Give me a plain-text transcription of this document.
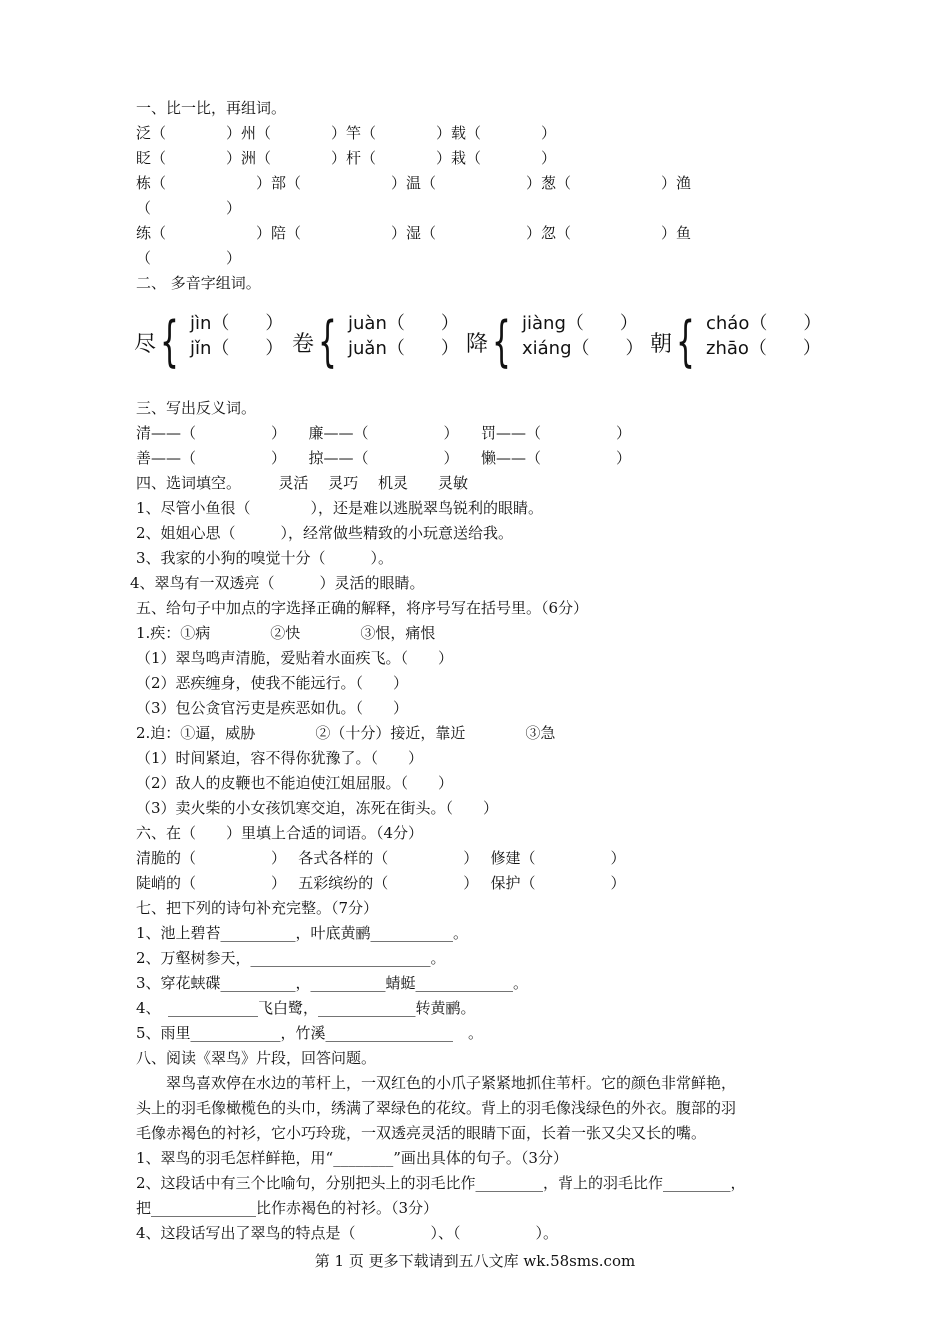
一、比一比，再组词。
泛（　　　　）州（　　　　）竿（　　　　）载（　　　　）
眨（　　　　）洲（　　　　）杆（　　　　）栽（　　　　）
栋（　　　　　　）部（　　　　　　）温（　　　　　　）葱（　　　　　　）渔
（　　　　　）
练（　　　　　　）陪（　　　　　　）湿（　　　　　　）忽（　　　　　　）鱼
（　　　　　）
二、 多音字组词。
尽 { jìn（　　）
jǐn（　　） 卷 { juàn（　　）
juǎn（　　） 降 { jiàng（　　）
xiáng（　　） 朝 { cháo（　　）
zhāo（　　）
三、写出反义词。
清——（　　　　　）　　廉——（　　　　　）　　罚——（　　　　　）
善——（　　　　　）　　掠——（　　　　　）　　懒——（　　　　　）
四、选词填空。　　　灵活　 灵巧　 机灵　　灵敏
1、尽管小鱼很（　　　　），还是难以逃脱翠鸟锐利的眼睛。
2、姐姐心思（　　　），经常做些精致的小玩意送给我。
3、我家的小狗的嗅觉十分（　　　）。
4、翠鸟有一双透亮（　　　）灵活的眼睛。
五、给句子中加点的字选择正确的解释，将序号写在括号里。（6分）
1.疾：①病　　　　②快　　　　③恨，痛恨
（1）翠鸟鸣声清脆，爱贴着水面疾飞。（　　）
（2）恶疾缠身，使我不能远行。（　　）
（3）包公贪官污吏是疾恶如仇。（　　）
2.迫：①逼，威胁　　　　②（十分）接近，靠近　　　　③急
（1）时间紧迫，容不得你犹豫了。（　　）
（2）敌人的皮鞭也不能迫使江姐屈服。（　　）
（3）卖火柴的小女孩饥寒交迫，冻死在街头。（　　）
六、在（　　）里填上合适的词语。（4分）
清脆的（　　　　　）　 各式各样的（　　　　　）　 修建（　　　　　）
陡峭的（　　　　　）　 五彩缤纷的（　　　　　）　 保护（　　　　　）
七、把下列的诗句补充完整。（7分）
1、池上碧苔__________，叶底黄鹂___________。
2、万壑树参天，________________________。
3、穿花蛱碟__________，__________蜻蜓_____________。
4、　____________飞白鹭，_____________转黄鹂。
5、雨里____________，竹溪_________________　。
八、阅读《翠鸟》片段，回答问题。
　　翠鸟喜欢停在水边的苇杆上，一双红色的小爪子紧紧地抓住苇杆。它的颜色非常鲜艳，
头上的羽毛像橄榄色的头巾，绣满了翠绿色的花纹。背上的羽毛像浅绿色的外衣。腹部的羽
毛像赤褐色的衬衫，它小巧玲珑，一双透亮灵活的眼睛下面，长着一张又尖又长的嘴。
1、翠鸟的羽毛怎样鲜艳，用“________”画出具体的句子。（3分）
2、这段话中有三个比喻句，分别把头上的羽毛比作_________，背上的羽毛比作_________，
把______________比作赤褐色的衬衫。（3分）
4、这段话写出了翠鸟的特点是（　　　　　）、（　　　　　）。
第 1 页 更多下载请到五八文库 wk.58sms.com
